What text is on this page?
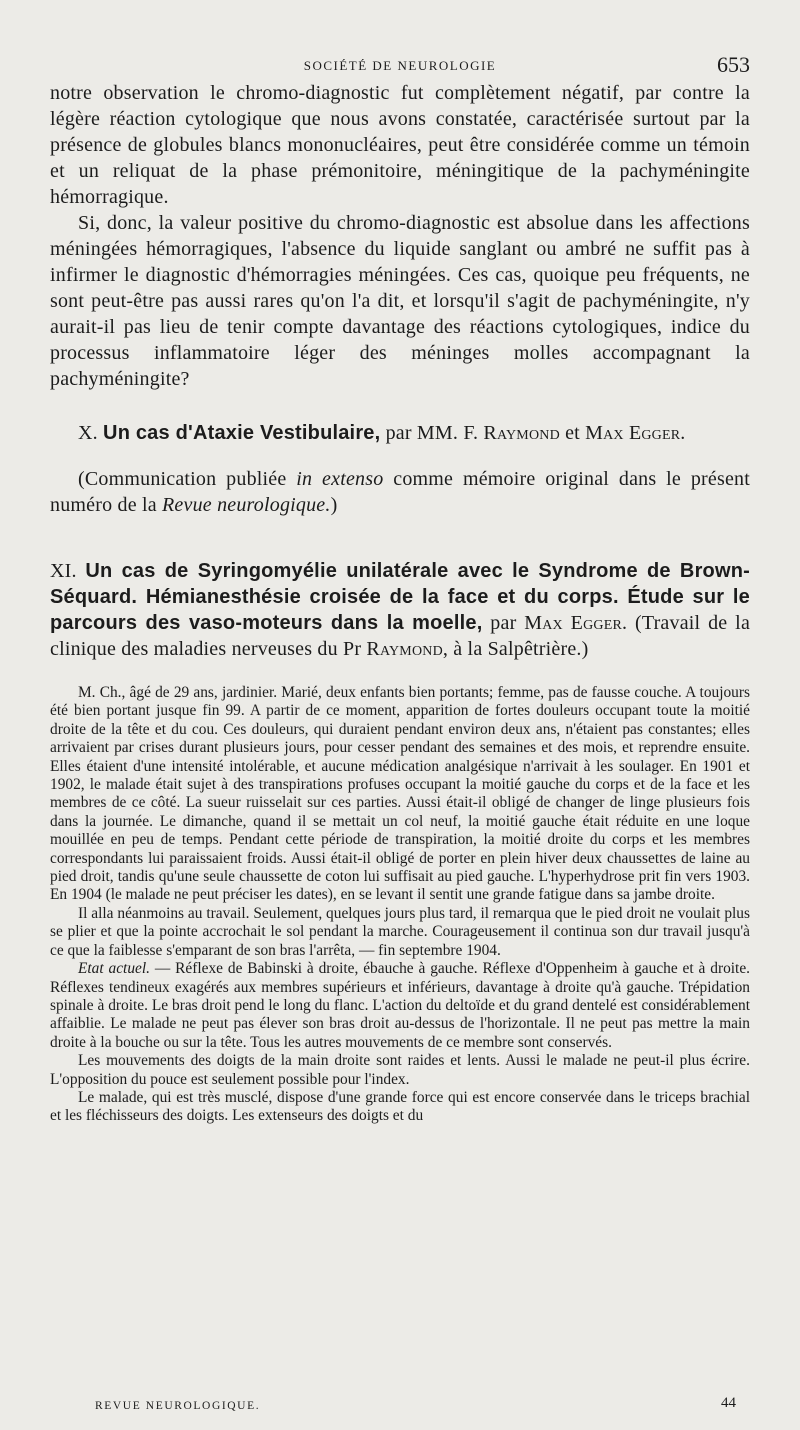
SOCIÉTÉ DE NEUROLOGIE	653

notre observation le chromo-diagnostic fut complètement négatif, par contre la légère réaction cytologique que nous avons constatée, caractérisée surtout par la présence de globules blancs mononucléaires, peut être considérée comme un témoin et un reliquat de la phase prémonitoire, méningitique de la pachyméningite hémorragique.

Si, donc, la valeur positive du chromo-diagnostic est absolue dans les affections méningées hémorragiques, l'absence du liquide sanglant ou ambré ne suffit pas à infirmer le diagnostic d'hémorragies méningées. Ces cas, quoique peu fréquents, ne sont peut-être pas aussi rares qu'on l'a dit, et lorsqu'il s'agit de pachyméningite, n'y aurait-il pas lieu de tenir compte davantage des réactions cytologiques, indice du processus inflammatoire léger des méninges molles accompagnant la pachyméningite?

X. Un cas d'Ataxie Vestibulaire, par MM. F. Raymond et Max Egger.

(Communication publiée in extenso comme mémoire original dans le présent numéro de la Revue neurologique.)

XI. Un cas de Syringomyélie unilatérale avec le Syndrome de Brown-Séquard. Hémianesthésie croisée de la face et du corps. Étude sur le parcours des vaso-moteurs dans la moelle, par Max Egger. (Travail de la clinique des maladies nerveuses du Pr Raymond, à la Salpêtrière.)

M. Ch., âgé de 29 ans, jardinier. Marié, deux enfants bien portants; femme, pas de fausse couche. A toujours été bien portant jusque fin 99. A partir de ce moment, apparition de fortes douleurs occupant toute la moitié droite de la tête et du cou. Ces douleurs, qui duraient pendant environ deux ans, n'étaient pas constantes; elles arrivaient par crises durant plusieurs jours, pour cesser pendant des semaines et des mois, et reprendre ensuite. Elles étaient d'une intensité intolérable, et aucune médication analgésique n'arrivait à les soulager. En 1901 et 1902, le malade était sujet à des transpirations profuses occupant la moitié gauche du corps et de la face et les membres de ce côté. La sueur ruisselait sur ces parties. Aussi était-il obligé de changer de linge plusieurs fois dans la journée. Le dimanche, quand il se mettait un col neuf, la moitié gauche était réduite en une loque mouillée en peu de temps. Pendant cette période de transpiration, la moitié droite du corps et les membres correspondants lui paraissaient froids. Aussi était-il obligé de porter en plein hiver deux chaussettes de laine au pied droit, tandis qu'une seule chaussette de coton lui suffisait au pied gauche. L'hyperhydrose prit fin vers 1903. En 1904 (le malade ne peut préciser les dates), en se levant il sentit une grande fatigue dans sa jambe droite.

Il alla néanmoins au travail. Seulement, quelques jours plus tard, il remarqua que le pied droit ne voulait plus se plier et que la pointe accrochait le sol pendant la marche. Courageusement il continua son dur travail jusqu'à ce que la faiblesse s'emparant de son bras l'arrêta, — fin septembre 1904.

Etat actuel. — Réflexe de Babinski à droite, ébauche à gauche. Réflexe d'Oppenheim à gauche et à droite. Réflexes tendineux exagérés aux membres supérieurs et inférieurs, davantage à droite qu'à gauche. Trépidation spinale à droite. Le bras droit pend le long du flanc. L'action du deltoïde et du grand dentelé est considérablement affaiblie. Le malade ne peut pas élever son bras droit au-dessus de l'horizontale. Il ne peut pas mettre la main droite à la bouche ou sur la tête. Tous les autres mouvements de ce membre sont conservés.

Les mouvements des doigts de la main droite sont raides et lents. Aussi le malade ne peut-il plus écrire. L'opposition du pouce est seulement possible pour l'index.

Le malade, qui est très musclé, dispose d'une grande force qui est encore conservée dans le triceps brachial et les fléchisseurs des doigts. Les extenseurs des doigts et du

REVUE NEUROLOGIQUE.	44
